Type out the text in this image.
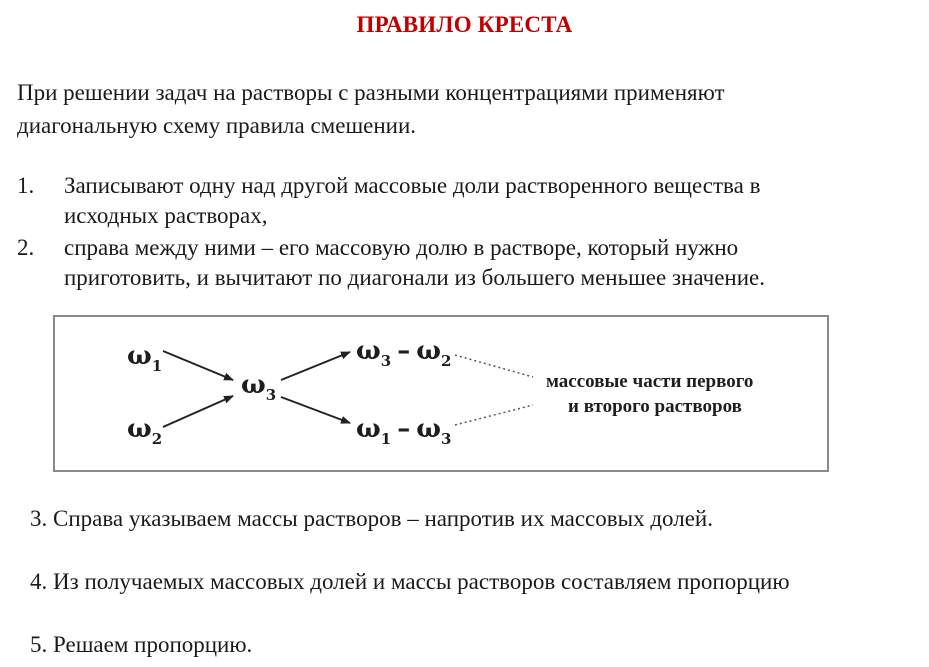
ПРАВИЛО КРЕСТА
При решении задач на растворы с разными концентрациями применяют
диагональную схему правила смешении.
1. Записывают одну над другой массовые доли растворенного вещества в
исходных растворах,
2. справа между ними – его массовую долю в растворе, который нужно
приготовить, и вычитают по диагонали из большего меньшее значение.
ω1
ω2
ω3
ω3 – ω2
ω1 – ω3
массовые части первого
и второго растворов
3. Справа указываем массы растворов – напротив их массовых долей.
4. Из получаемых массовых долей и массы растворов составляем пропорцию
5. Решаем пропорцию.
